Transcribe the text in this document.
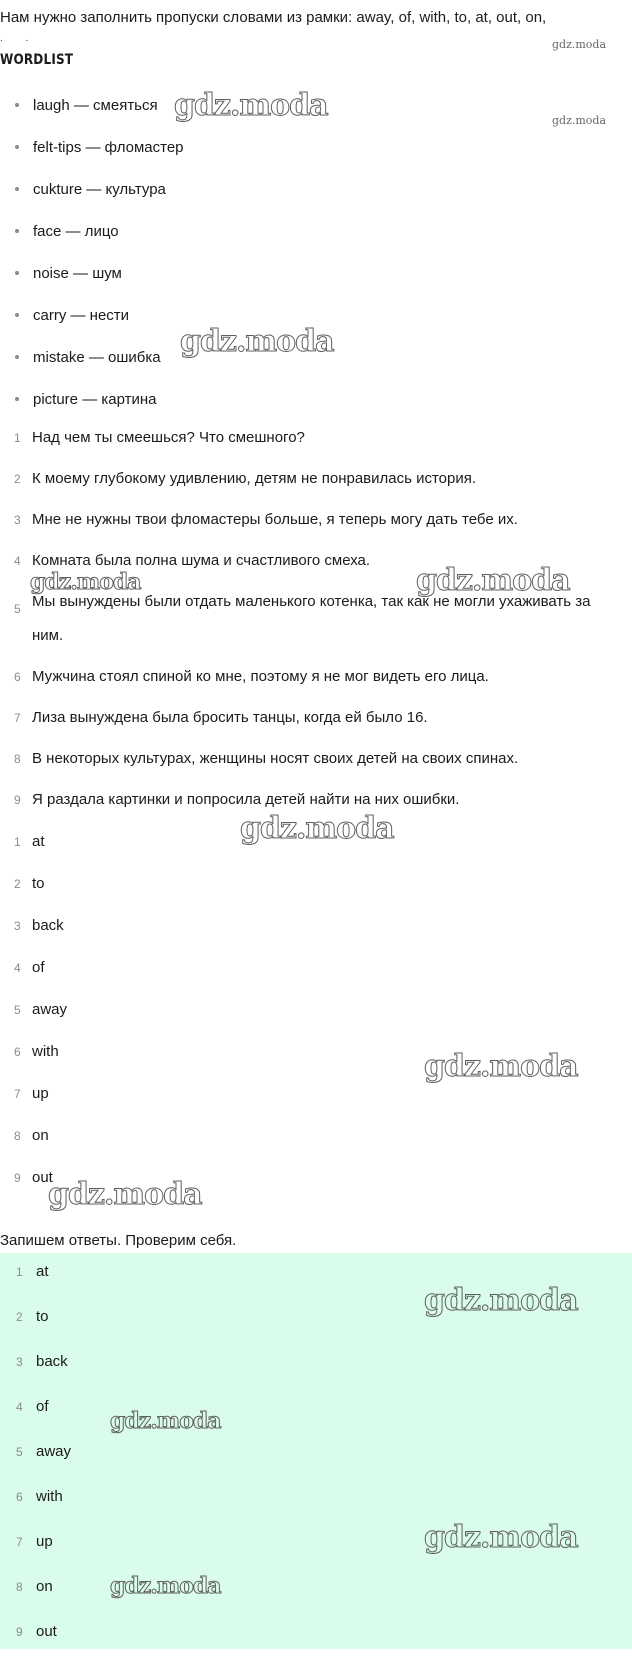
Нам нужно заполнить пропуски словами из рамки: away, of, with, to, at, out, on,
. .
WORDLIST
laugh — смеяться
felt-tips — фломастер
cukture — культура
face — лицо
noise — шум
carry — нести
mistake — ошибка
picture — картина
1 Над чем ты смеешься? Что смешного?
2 К моему глубокому удивлению, детям не понравилась история.
3 Мне не нужны твои фломастеры больше, я теперь могу дать тебе их.
4 Комната была полна шума и счастливого смеха.
5 Мы вынуждены были отдать маленького котенка, так как не могли ухаживать за ним.
6 Мужчина стоял спиной ко мне, поэтому я не мог видеть его лица.
7 Лиза вынуждена была бросить танцы, когда ей было 16.
8 В некоторых культурах, женщины носят своих детей на своих спинах.
9 Я раздала картинки и попросила детей найти на них ошибки.
1 at
2 to
3 back
4 of
5 away
6 with
7 up
8 on
9 out
Запишем ответы. Проверим себя.
1 at
2 to
3 back
4 of
5 away
6 with
7 up
8 on
9 out
gdz.moda
gdz.moda
gdz.moda
gdz.moda
gdz.moda	gdz.moda
gdz.moda
gdz.moda
gdz.moda
gdz.moda
gdz.moda
gdz.moda
gdz.moda
